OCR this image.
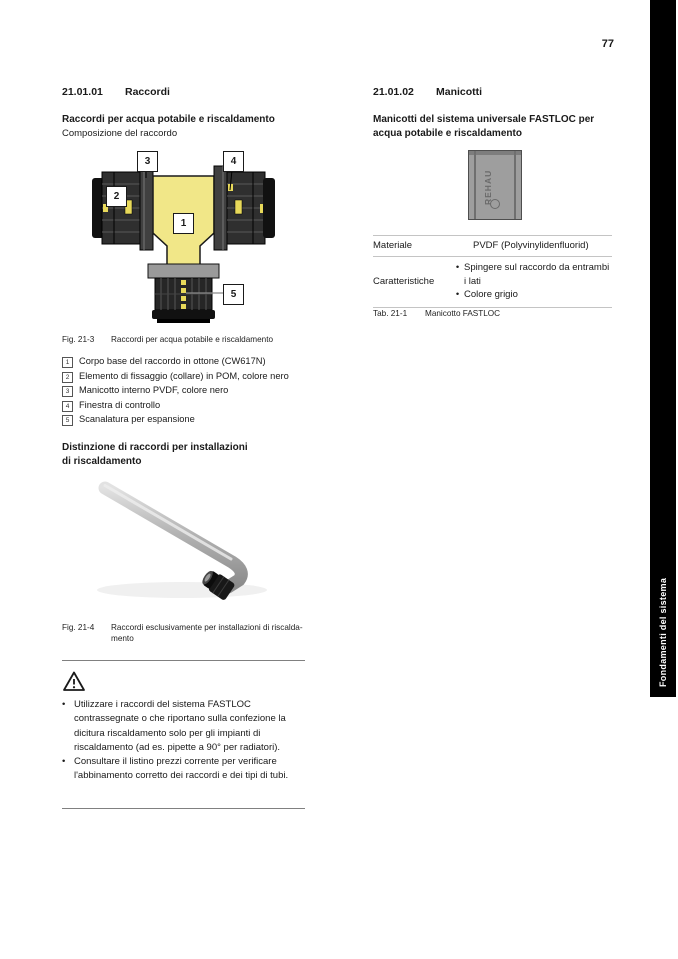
77
21.01.01	Raccordi
Raccordi per acqua potabile e riscaldamento
Composizione del raccordo
1
2
3	4
5
Fig. 21-3	Raccordi per acqua potabile e riscaldamento
1	Corpo base del raccordo in ottone (CW617N)
2	Elemento di fissaggio (collare) in POM, colore nero
3	Manicotto interno PVDF, colore nero
4	Finestra di controllo
5	Scanalatura per espansione
Distinzione di raccordi per installazioni
di riscaldamento
Fig. 21-4	Raccordi esclusivamente per installazioni di riscalda-
mento
• Utilizzare i raccordi del sistema FASTLOC contrassegnate o che riportano sulla confezione la dicitura riscaldamento solo per gli impianti di riscaldamento (ad es. pipette a 90° per radiatori).
• Consultare il listino prezzi corrente per verificare l'abbinamento corretto dei raccordi e dei tipi di tubi.
21.01.02	Manicotti
Manicotti del sistema universale FASTLOC per acqua potabile e riscaldamento
REHAU
Materiale	PVDF (Polyvinylidenfluorid)
Caratteristiche
• Spingere sul raccordo da entrambi i lati
• Colore grigio
Tab. 21-1	Manicotto FASTLOC
Fondamenti del sistema
